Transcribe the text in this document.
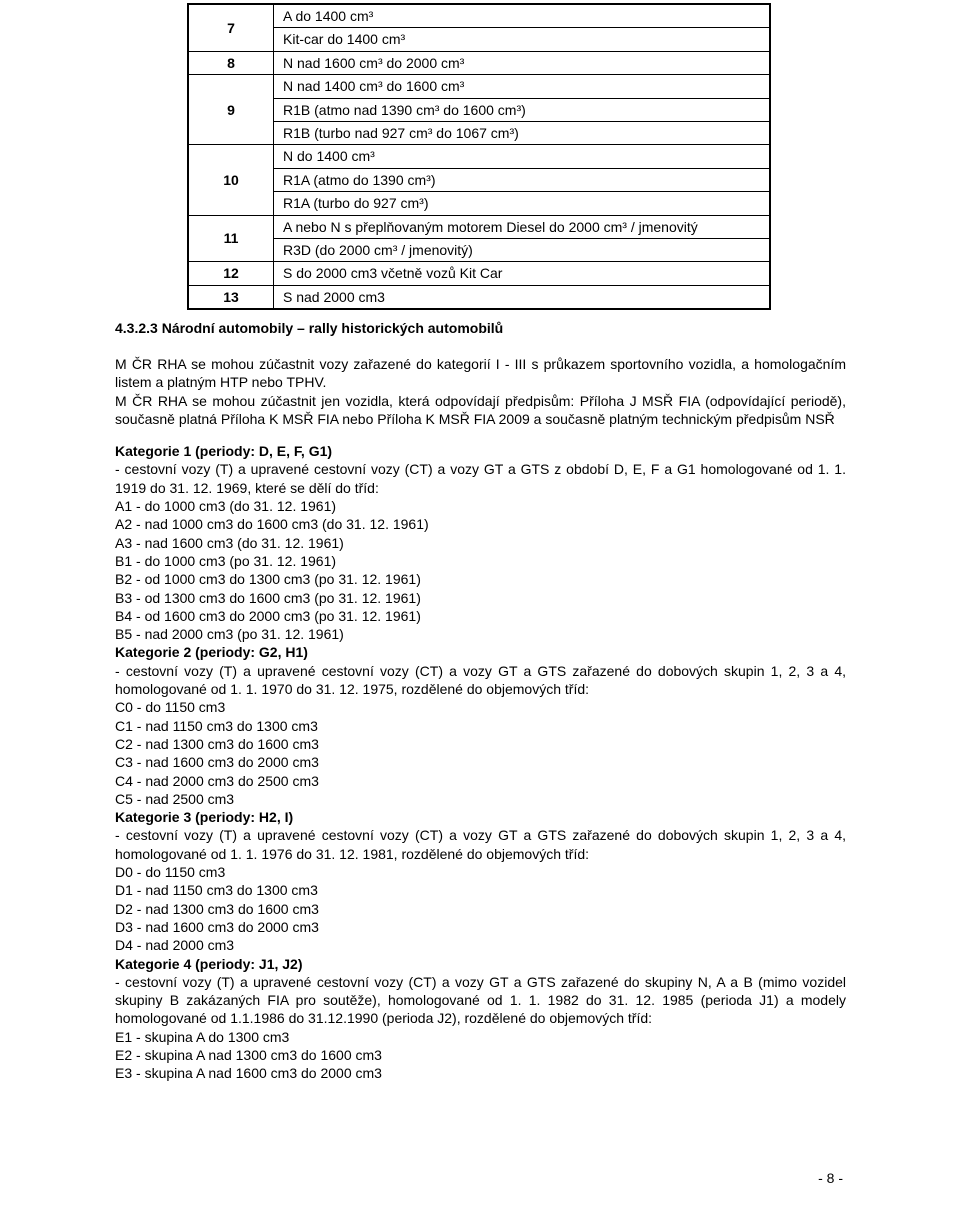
7	A do 1400 cm³
Kit-car do 1400 cm³

8	N nad 1600 cm³ do 2000 cm³

9	N nad 1400 cm³ do 1600 cm³
R1B (atmo nad 1390 cm³ do 1600 cm³)
R1B (turbo nad 927 cm³ do 1067 cm³)

10	N do 1400 cm³
R1A (atmo do 1390 cm³)
R1A (turbo do 927 cm³)

11	A nebo N s přeplňovaným motorem Diesel do 2000 cm³ / jmenovitý
R3D (do 2000 cm³ / jmenovitý)

12	S do 2000 cm3 včetně vozů Kit Car

13	S nad 2000 cm3
4.3.2.3 Národní automobily – rally historických automobilů

M ČR RHA se mohou zúčastnit vozy zařazené do kategorií I - III s průkazem sportovního vozidla, a homologačním listem a platným HTP nebo TPHV.

M ČR RHA se mohou zúčastnit jen vozidla, která odpovídají předpisům: Příloha J MSŘ FIA (odpovídající periodě), současně platná Příloha K MSŘ FIA nebo Příloha K MSŘ FIA 2009 a současně platným technickým předpisům NSŘ

Kategorie 1 (periody: D, E, F, G1)

- cestovní vozy (T) a upravené cestovní vozy (CT) a vozy GT a GTS z období D, E, F a G1 homologované od 1. 1. 1919 do 31. 12. 1969, které se dělí do tříd:

A1 - do 1000 cm3 (do 31. 12. 1961)
A2 - nad 1000 cm3 do 1600 cm3 (do 31. 12. 1961)
A3 - nad 1600 cm3 (do 31. 12. 1961)
B1 - do 1000 cm3 (po 31. 12. 1961)
B2 - od 1000 cm3 do 1300 cm3 (po 31. 12. 1961)
B3 - od 1300 cm3 do 1600 cm3 (po 31. 12. 1961)
B4 - od 1600 cm3 do 2000 cm3 (po 31. 12. 1961)
B5 - nad 2000 cm3 (po 31. 12. 1961)
Kategorie 2 (periody: G2, H1)

- cestovní vozy (T) a upravené cestovní vozy (CT) a vozy GT a GTS zařazené do dobových skupin 1, 2, 3 a 4, homologované od 1. 1. 1970 do 31. 12. 1975, rozdělené do objemových tříd:

C0 - do 1150 cm3
C1 - nad 1150 cm3 do 1300 cm3
C2 - nad 1300 cm3 do 1600 cm3
C3 - nad 1600 cm3 do 2000 cm3
C4 - nad 2000 cm3 do 2500 cm3
C5 - nad 2500 cm3
Kategorie 3 (periody: H2, I)

- cestovní vozy (T) a upravené cestovní vozy (CT) a vozy GT a GTS zařazené do dobových skupin 1, 2, 3 a 4, homologované od 1. 1. 1976 do 31. 12. 1981, rozdělené do objemových tříd:

D0 - do 1150 cm3
D1 - nad 1150 cm3 do 1300 cm3
D2 - nad 1300 cm3 do 1600 cm3
D3 - nad 1600 cm3 do 2000 cm3
D4 - nad 2000 cm3
Kategorie 4 (periody: J1, J2)

- cestovní vozy (T) a upravené cestovní vozy (CT) a vozy GT a GTS zařazené do skupiny N, A a B (mimo vozidel skupiny B zakázaných FIA pro soutěže), homologované od 1. 1. 1982 do 31. 12. 1985 (perioda J1) a modely homologované od 1.1.1986 do 31.12.1990 (perioda J2), rozdělené do objemových tříd:

E1 - skupina A do 1300 cm3
E2 - skupina A nad 1300 cm3 do 1600 cm3
E3 - skupina A nad 1600 cm3 do 2000 cm3
- 8 -
